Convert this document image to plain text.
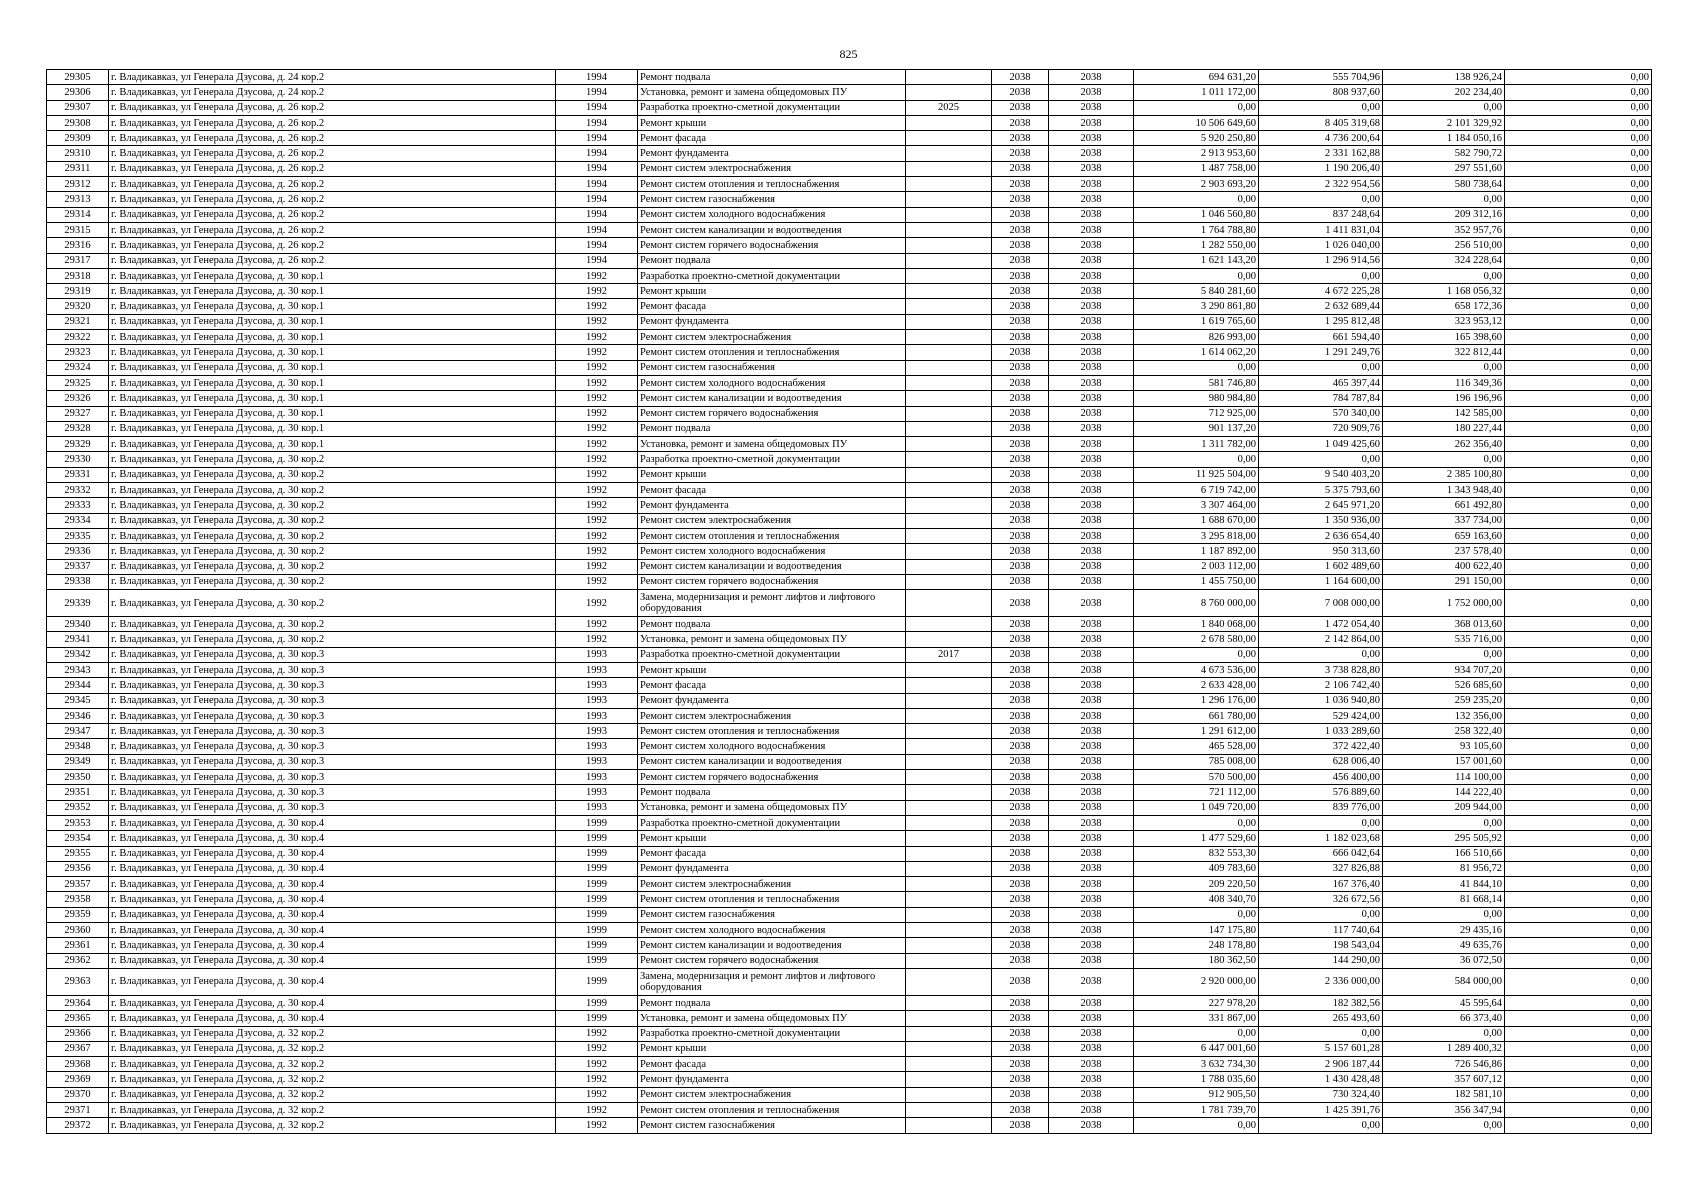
825
29305	г. Владикавказ, ул Генерала Дзусова, д. 24 кор.2	1994	Ремонт подвала		2038	2038	694 631,20	555 704,96	138 926,24	0,00
29306	г. Владикавказ, ул Генерала Дзусова, д. 24 кор.2	1994	Установка, ремонт и замена общедомовых ПУ		2038	2038	1 011 172,00	808 937,60	202 234,40	0,00
29307	г. Владикавказ, ул Генерала Дзусова, д. 26 кор.2	1994	Разработка проектно-сметной документации	2025	2038	2038	0,00	0,00	0,00	0,00
29308	г. Владикавказ, ул Генерала Дзусова, д. 26 кор.2	1994	Ремонт крыши		2038	2038	10 506 649,60	8 405 319,68	2 101 329,92	0,00
29309	г. Владикавказ, ул Генерала Дзусова, д. 26 кор.2	1994	Ремонт фасада		2038	2038	5 920 250,80	4 736 200,64	1 184 050,16	0,00
29310	г. Владикавказ, ул Генерала Дзусова, д. 26 кор.2	1994	Ремонт фундамента		2038	2038	2 913 953,60	2 331 162,88	582 790,72	0,00
29311	г. Владикавказ, ул Генерала Дзусова, д. 26 кор.2	1994	Ремонт систем электроснабжения		2038	2038	1 487 758,00	1 190 206,40	297 551,60	0,00
29312	г. Владикавказ, ул Генерала Дзусова, д. 26 кор.2	1994	Ремонт систем отопления и теплоснабжения		2038	2038	2 903 693,20	2 322 954,56	580 738,64	0,00
29313	г. Владикавказ, ул Генерала Дзусова, д. 26 кор.2	1994	Ремонт систем газоснабжения		2038	2038	0,00	0,00	0,00	0,00
29314	г. Владикавказ, ул Генерала Дзусова, д. 26 кор.2	1994	Ремонт систем холодного водоснабжения		2038	2038	1 046 560,80	837 248,64	209 312,16	0,00
29315	г. Владикавказ, ул Генерала Дзусова, д. 26 кор.2	1994	Ремонт систем канализации и водоотведения		2038	2038	1 764 788,80	1 411 831,04	352 957,76	0,00
29316	г. Владикавказ, ул Генерала Дзусова, д. 26 кор.2	1994	Ремонт систем горячего водоснабжения		2038	2038	1 282 550,00	1 026 040,00	256 510,00	0,00
29317	г. Владикавказ, ул Генерала Дзусова, д. 26 кор.2	1994	Ремонт подвала		2038	2038	1 621 143,20	1 296 914,56	324 228,64	0,00
29318	г. Владикавказ, ул Генерала Дзусова, д. 30 кор.1	1992	Разработка проектно-сметной документации		2038	2038	0,00	0,00	0,00	0,00
29319	г. Владикавказ, ул Генерала Дзусова, д. 30 кор.1	1992	Ремонт крыши		2038	2038	5 840 281,60	4 672 225,28	1 168 056,32	0,00
29320	г. Владикавказ, ул Генерала Дзусова, д. 30 кор.1	1992	Ремонт фасада		2038	2038	3 290 861,80	2 632 689,44	658 172,36	0,00
29321	г. Владикавказ, ул Генерала Дзусова, д. 30 кор.1	1992	Ремонт фундамента		2038	2038	1 619 765,60	1 295 812,48	323 953,12	0,00
29322	г. Владикавказ, ул Генерала Дзусова, д. 30 кор.1	1992	Ремонт систем электроснабжения		2038	2038	826 993,00	661 594,40	165 398,60	0,00
29323	г. Владикавказ, ул Генерала Дзусова, д. 30 кор.1	1992	Ремонт систем отопления и теплоснабжения		2038	2038	1 614 062,20	1 291 249,76	322 812,44	0,00
29324	г. Владикавказ, ул Генерала Дзусова, д. 30 кор.1	1992	Ремонт систем газоснабжения		2038	2038	0,00	0,00	0,00	0,00
29325	г. Владикавказ, ул Генерала Дзусова, д. 30 кор.1	1992	Ремонт систем холодного водоснабжения		2038	2038	581 746,80	465 397,44	116 349,36	0,00
29326	г. Владикавказ, ул Генерала Дзусова, д. 30 кор.1	1992	Ремонт систем канализации и водоотведения		2038	2038	980 984,80	784 787,84	196 196,96	0,00
29327	г. Владикавказ, ул Генерала Дзусова, д. 30 кор.1	1992	Ремонт систем горячего водоснабжения		2038	2038	712 925,00	570 340,00	142 585,00	0,00
29328	г. Владикавказ, ул Генерала Дзусова, д. 30 кор.1	1992	Ремонт подвала		2038	2038	901 137,20	720 909,76	180 227,44	0,00
29329	г. Владикавказ, ул Генерала Дзусова, д. 30 кор.1	1992	Установка, ремонт и замена общедомовых ПУ		2038	2038	1 311 782,00	1 049 425,60	262 356,40	0,00
29330	г. Владикавказ, ул Генерала Дзусова, д. 30 кор.2	1992	Разработка проектно-сметной документации		2038	2038	0,00	0,00	0,00	0,00
29331	г. Владикавказ, ул Генерала Дзусова, д. 30 кор.2	1992	Ремонт крыши		2038	2038	11 925 504,00	9 540 403,20	2 385 100,80	0,00
29332	г. Владикавказ, ул Генерала Дзусова, д. 30 кор.2	1992	Ремонт фасада		2038	2038	6 719 742,00	5 375 793,60	1 343 948,40	0,00
29333	г. Владикавказ, ул Генерала Дзусова, д. 30 кор.2	1992	Ремонт фундамента		2038	2038	3 307 464,00	2 645 971,20	661 492,80	0,00
29334	г. Владикавказ, ул Генерала Дзусова, д. 30 кор.2	1992	Ремонт систем электроснабжения		2038	2038	1 688 670,00	1 350 936,00	337 734,00	0,00
29335	г. Владикавказ, ул Генерала Дзусова, д. 30 кор.2	1992	Ремонт систем отопления и теплоснабжения		2038	2038	3 295 818,00	2 636 654,40	659 163,60	0,00
29336	г. Владикавказ, ул Генерала Дзусова, д. 30 кор.2	1992	Ремонт систем холодного водоснабжения		2038	2038	1 187 892,00	950 313,60	237 578,40	0,00
29337	г. Владикавказ, ул Генерала Дзусова, д. 30 кор.2	1992	Ремонт систем канализации и водоотведения		2038	2038	2 003 112,00	1 602 489,60	400 622,40	0,00
29338	г. Владикавказ, ул Генерала Дзусова, д. 30 кор.2	1992	Ремонт систем горячего водоснабжения		2038	2038	1 455 750,00	1 164 600,00	291 150,00	0,00
29339	г. Владикавказ, ул Генерала Дзусова, д. 30 кор.2	1992	Замена, модернизация и ремонт лифтов и лифтового оборудования		2038	2038	8 760 000,00	7 008 000,00	1 752 000,00	0,00
29340	г. Владикавказ, ул Генерала Дзусова, д. 30 кор.2	1992	Ремонт подвала		2038	2038	1 840 068,00	1 472 054,40	368 013,60	0,00
29341	г. Владикавказ, ул Генерала Дзусова, д. 30 кор.2	1992	Установка, ремонт и замена общедомовых ПУ		2038	2038	2 678 580,00	2 142 864,00	535 716,00	0,00
29342	г. Владикавказ, ул Генерала Дзусова, д. 30 кор.3	1993	Разработка проектно-сметной документации	2017	2038	2038	0,00	0,00	0,00	0,00
29343	г. Владикавказ, ул Генерала Дзусова, д. 30 кор.3	1993	Ремонт крыши		2038	2038	4 673 536,00	3 738 828,80	934 707,20	0,00
29344	г. Владикавказ, ул Генерала Дзусова, д. 30 кор.3	1993	Ремонт фасада		2038	2038	2 633 428,00	2 106 742,40	526 685,60	0,00
29345	г. Владикавказ, ул Генерала Дзусова, д. 30 кор.3	1993	Ремонт фундамента		2038	2038	1 296 176,00	1 036 940,80	259 235,20	0,00
29346	г. Владикавказ, ул Генерала Дзусова, д. 30 кор.3	1993	Ремонт систем электроснабжения		2038	2038	661 780,00	529 424,00	132 356,00	0,00
29347	г. Владикавказ, ул Генерала Дзусова, д. 30 кор.3	1993	Ремонт систем отопления и теплоснабжения		2038	2038	1 291 612,00	1 033 289,60	258 322,40	0,00
29348	г. Владикавказ, ул Генерала Дзусова, д. 30 кор.3	1993	Ремонт систем холодного водоснабжения		2038	2038	465 528,00	372 422,40	93 105,60	0,00
29349	г. Владикавказ, ул Генерала Дзусова, д. 30 кор.3	1993	Ремонт систем канализации и водоотведения		2038	2038	785 008,00	628 006,40	157 001,60	0,00
29350	г. Владикавказ, ул Генерала Дзусова, д. 30 кор.3	1993	Ремонт систем горячего водоснабжения		2038	2038	570 500,00	456 400,00	114 100,00	0,00
29351	г. Владикавказ, ул Генерала Дзусова, д. 30 кор.3	1993	Ремонт подвала		2038	2038	721 112,00	576 889,60	144 222,40	0,00
29352	г. Владикавказ, ул Генерала Дзусова, д. 30 кор.3	1993	Установка, ремонт и замена общедомовых ПУ		2038	2038	1 049 720,00	839 776,00	209 944,00	0,00
29353	г. Владикавказ, ул Генерала Дзусова, д. 30 кор.4	1999	Разработка проектно-сметной документации		2038	2038	0,00	0,00	0,00	0,00
29354	г. Владикавказ, ул Генерала Дзусова, д. 30 кор.4	1999	Ремонт крыши		2038	2038	1 477 529,60	1 182 023,68	295 505,92	0,00
29355	г. Владикавказ, ул Генерала Дзусова, д. 30 кор.4	1999	Ремонт фасада		2038	2038	832 553,30	666 042,64	166 510,66	0,00
29356	г. Владикавказ, ул Генерала Дзусова, д. 30 кор.4	1999	Ремонт фундамента		2038	2038	409 783,60	327 826,88	81 956,72	0,00
29357	г. Владикавказ, ул Генерала Дзусова, д. 30 кор.4	1999	Ремонт систем электроснабжения		2038	2038	209 220,50	167 376,40	41 844,10	0,00
29358	г. Владикавказ, ул Генерала Дзусова, д. 30 кор.4	1999	Ремонт систем отопления и теплоснабжения		2038	2038	408 340,70	326 672,56	81 668,14	0,00
29359	г. Владикавказ, ул Генерала Дзусова, д. 30 кор.4	1999	Ремонт систем газоснабжения		2038	2038	0,00	0,00	0,00	0,00
29360	г. Владикавказ, ул Генерала Дзусова, д. 30 кор.4	1999	Ремонт систем холодного водоснабжения		2038	2038	147 175,80	117 740,64	29 435,16	0,00
29361	г. Владикавказ, ул Генерала Дзусова, д. 30 кор.4	1999	Ремонт систем канализации и водоотведения		2038	2038	248 178,80	198 543,04	49 635,76	0,00
29362	г. Владикавказ, ул Генерала Дзусова, д. 30 кор.4	1999	Ремонт систем горячего водоснабжения		2038	2038	180 362,50	144 290,00	36 072,50	0,00
29363	г. Владикавказ, ул Генерала Дзусова, д. 30 кор.4	1999	Замена, модернизация и ремонт лифтов и лифтового оборудования		2038	2038	2 920 000,00	2 336 000,00	584 000,00	0,00
29364	г. Владикавказ, ул Генерала Дзусова, д. 30 кор.4	1999	Ремонт подвала		2038	2038	227 978,20	182 382,56	45 595,64	0,00
29365	г. Владикавказ, ул Генерала Дзусова, д. 30 кор.4	1999	Установка, ремонт и замена общедомовых ПУ		2038	2038	331 867,00	265 493,60	66 373,40	0,00
29366	г. Владикавказ, ул Генерала Дзусова, д. 32 кор.2	1992	Разработка проектно-сметной документации		2038	2038	0,00	0,00	0,00	0,00
29367	г. Владикавказ, ул Генерала Дзусова, д. 32 кор.2	1992	Ремонт крыши		2038	2038	6 447 001,60	5 157 601,28	1 289 400,32	0,00
29368	г. Владикавказ, ул Генерала Дзусова, д. 32 кор.2	1992	Ремонт фасада		2038	2038	3 632 734,30	2 906 187,44	726 546,86	0,00
29369	г. Владикавказ, ул Генерала Дзусова, д. 32 кор.2	1992	Ремонт фундамента		2038	2038	1 788 035,60	1 430 428,48	357 607,12	0,00
29370	г. Владикавказ, ул Генерала Дзусова, д. 32 кор.2	1992	Ремонт систем электроснабжения		2038	2038	912 905,50	730 324,40	182 581,10	0,00
29371	г. Владикавказ, ул Генерала Дзусова, д. 32 кор.2	1992	Ремонт систем отопления и теплоснабжения		2038	2038	1 781 739,70	1 425 391,76	356 347,94	0,00
29372	г. Владикавказ, ул Генерала Дзусова, д. 32 кор.2	1992	Ремонт систем газоснабжения		2038	2038	0,00	0,00	0,00	0,00
